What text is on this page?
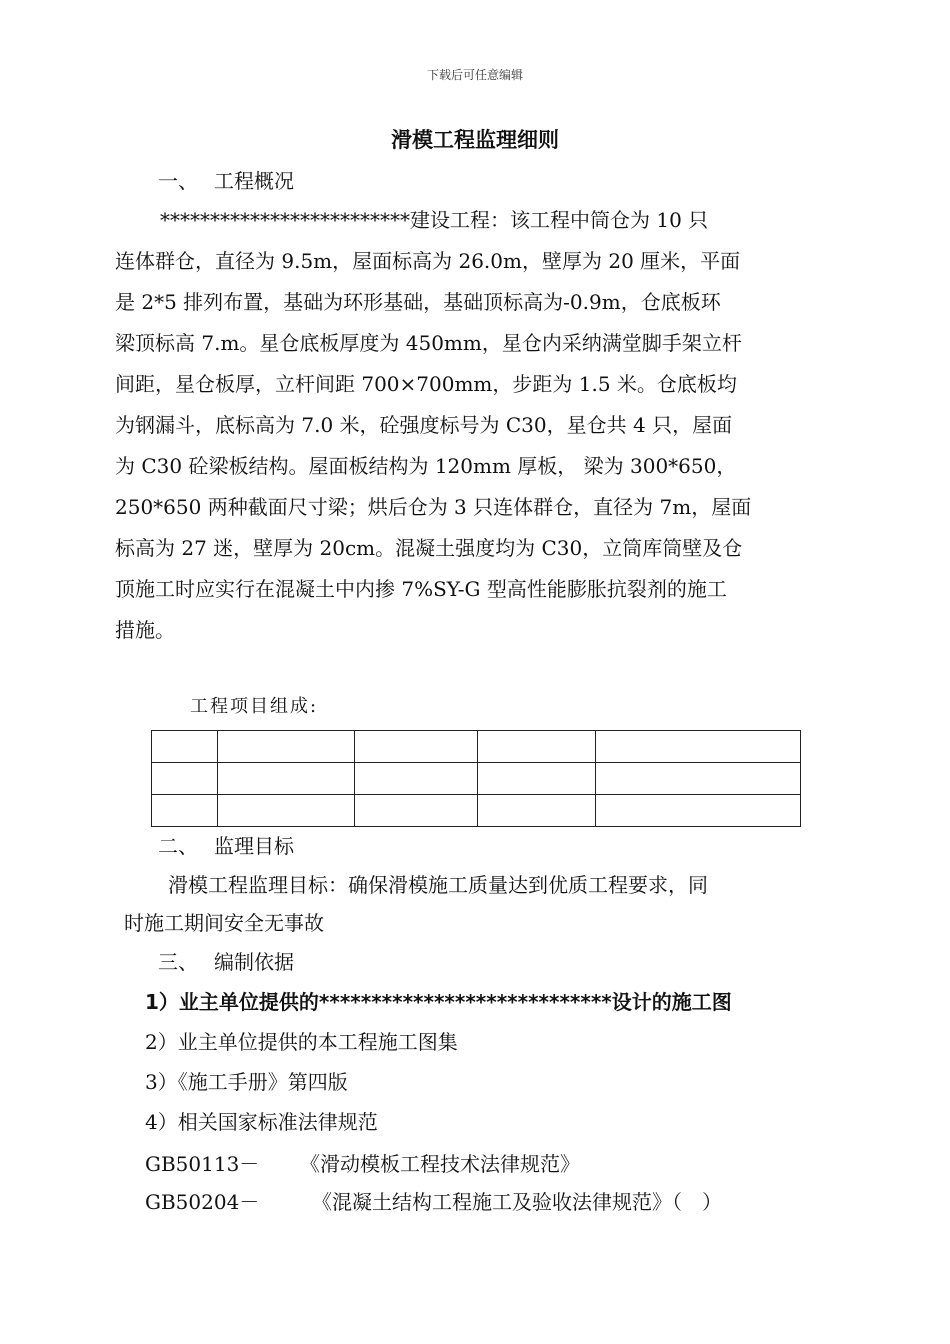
下载后可任意编辑
滑模工程监理细则
一、 工程概况
*************************建设工程：该工程中筒仓为 10 只
连体群仓，直径为 9.5m，屋面标高为 26.0m，壁厚为 20 厘米，平面
是 2*5 排列布置，基础为环形基础，基础顶标高为-0.9m，仓底板环
梁顶标高 7.m。星仓底板厚度为 450mm，星仓内采纳满堂脚手架立杆
间距，星仓板厚，立杆间距 700×700mm，步距为 1.5 米。仓底板均
为钢漏斗，底标高为 7.0 米，砼强度标号为 C30，星仓共 4 只，屋面
为 C30 砼梁板结构。屋面板结构为 120mm 厚板， 梁为 300*650，
250*650 两种截面尺寸梁；烘后仓为 3 只连体群仓，直径为 7m，屋面
标高为 27 迷，壁厚为 20cm。混凝土强度均为 C30，立筒库筒壁及仓
顶施工时应实行在混凝土中内掺 7%SY-G 型高性能膨胀抗裂剂的施工
措施。
工程项目组成:

二、 监理目标
滑模工程监理目标：确保滑模施工质量达到优质工程要求，同
时施工期间安全无事故
三、 编制依据
1）业主单位提供的****************************设计的施工图
2）业主单位提供的本工程施工图集
3）《施工手册》第四版
4）相关国家标准法律规范
GB50113－ 《滑动模板工程技术法律规范》
GB50204－	《混凝土结构工程施工及验收法律规范》（　）
